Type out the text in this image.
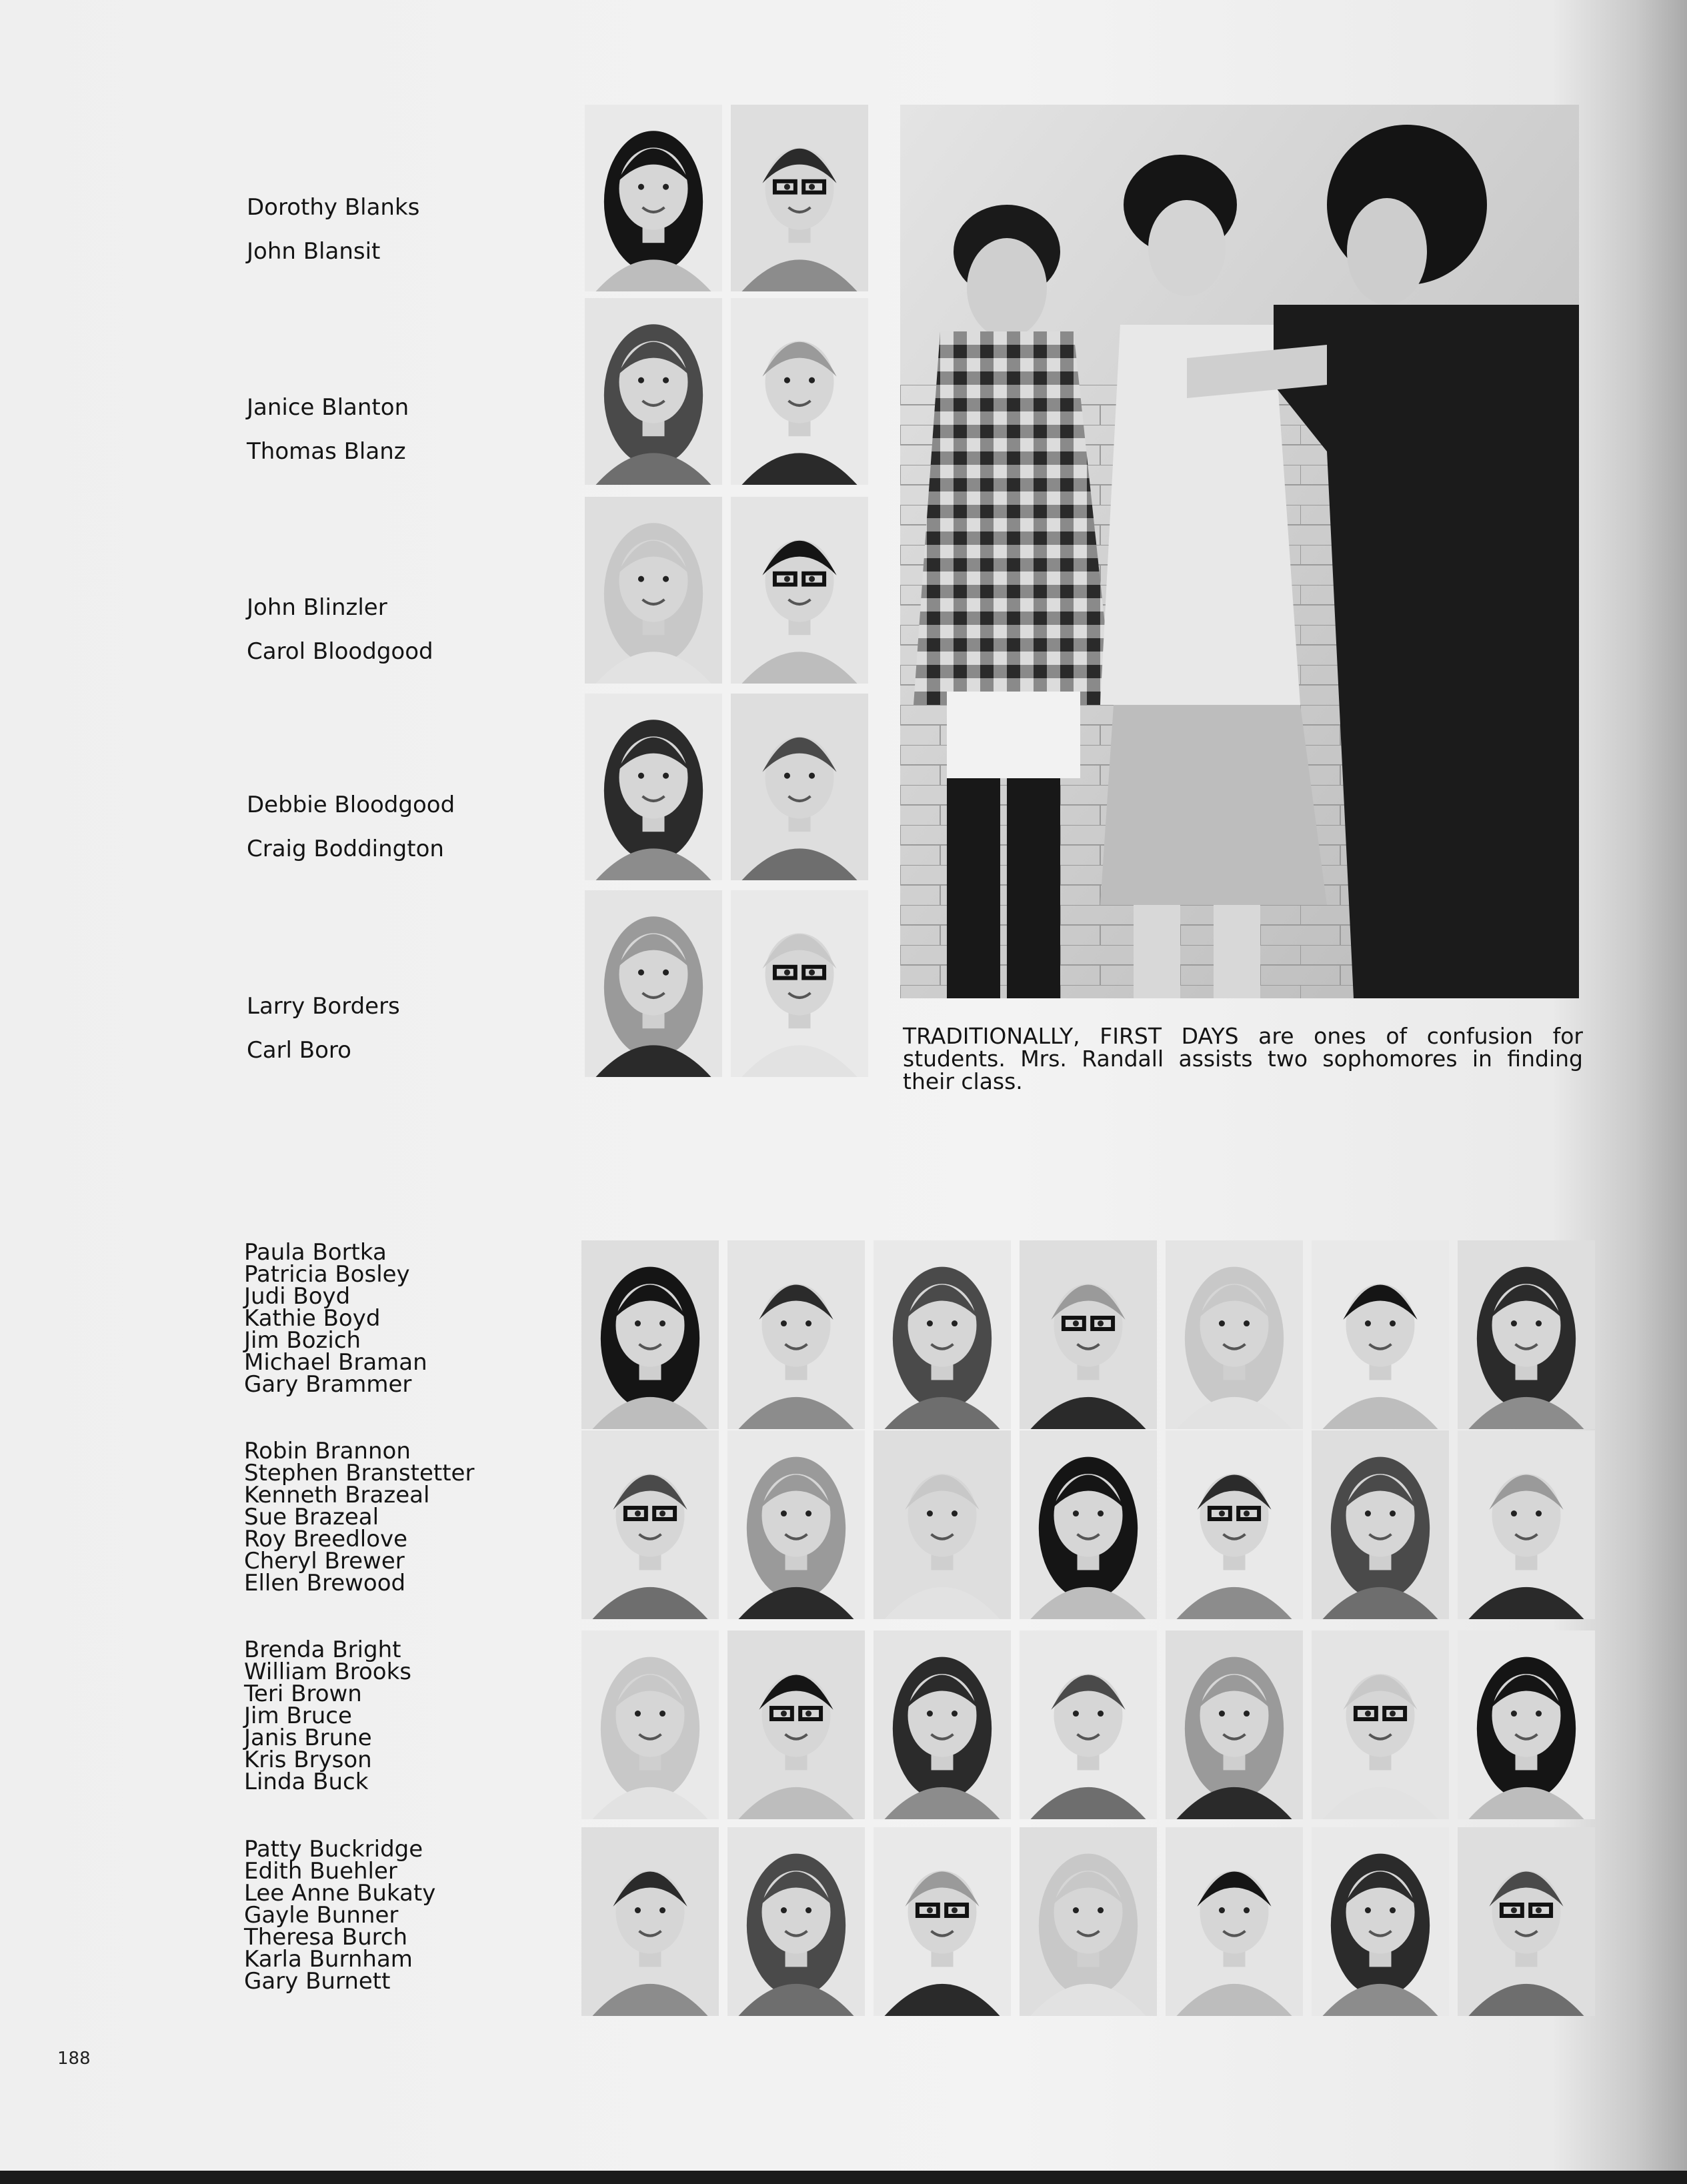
Dorothy Blanks

John Blansit

Janice Blanton

Thomas Blanz

John Blinzler

Carol Bloodgood

Debbie Bloodgood

Craig Boddington

Larry Borders

Carl Boro

TRADITIONALLY, FIRST DAYS are ones of confusion for students. Mrs. Randall assists two sophomores in finding their class.
Paula Bortka
Patricia Bosley
Judi Boyd
Kathie Boyd
Jim Bozich
Michael Braman
Gary Brammer
Robin Brannon
Stephen Branstetter
Kenneth Brazeal
Sue Brazeal
Roy Breedlove
Cheryl Brewer
Ellen Brewood
Brenda Bright
William Brooks
Teri Brown
Jim Bruce
Janis Brune
Kris Bryson
Linda Buck
Patty Buckridge
Edith Buehler
Lee Anne Bukaty
Gayle Bunner
Theresa Burch
Karla Burnham
Gary Burnett
188
